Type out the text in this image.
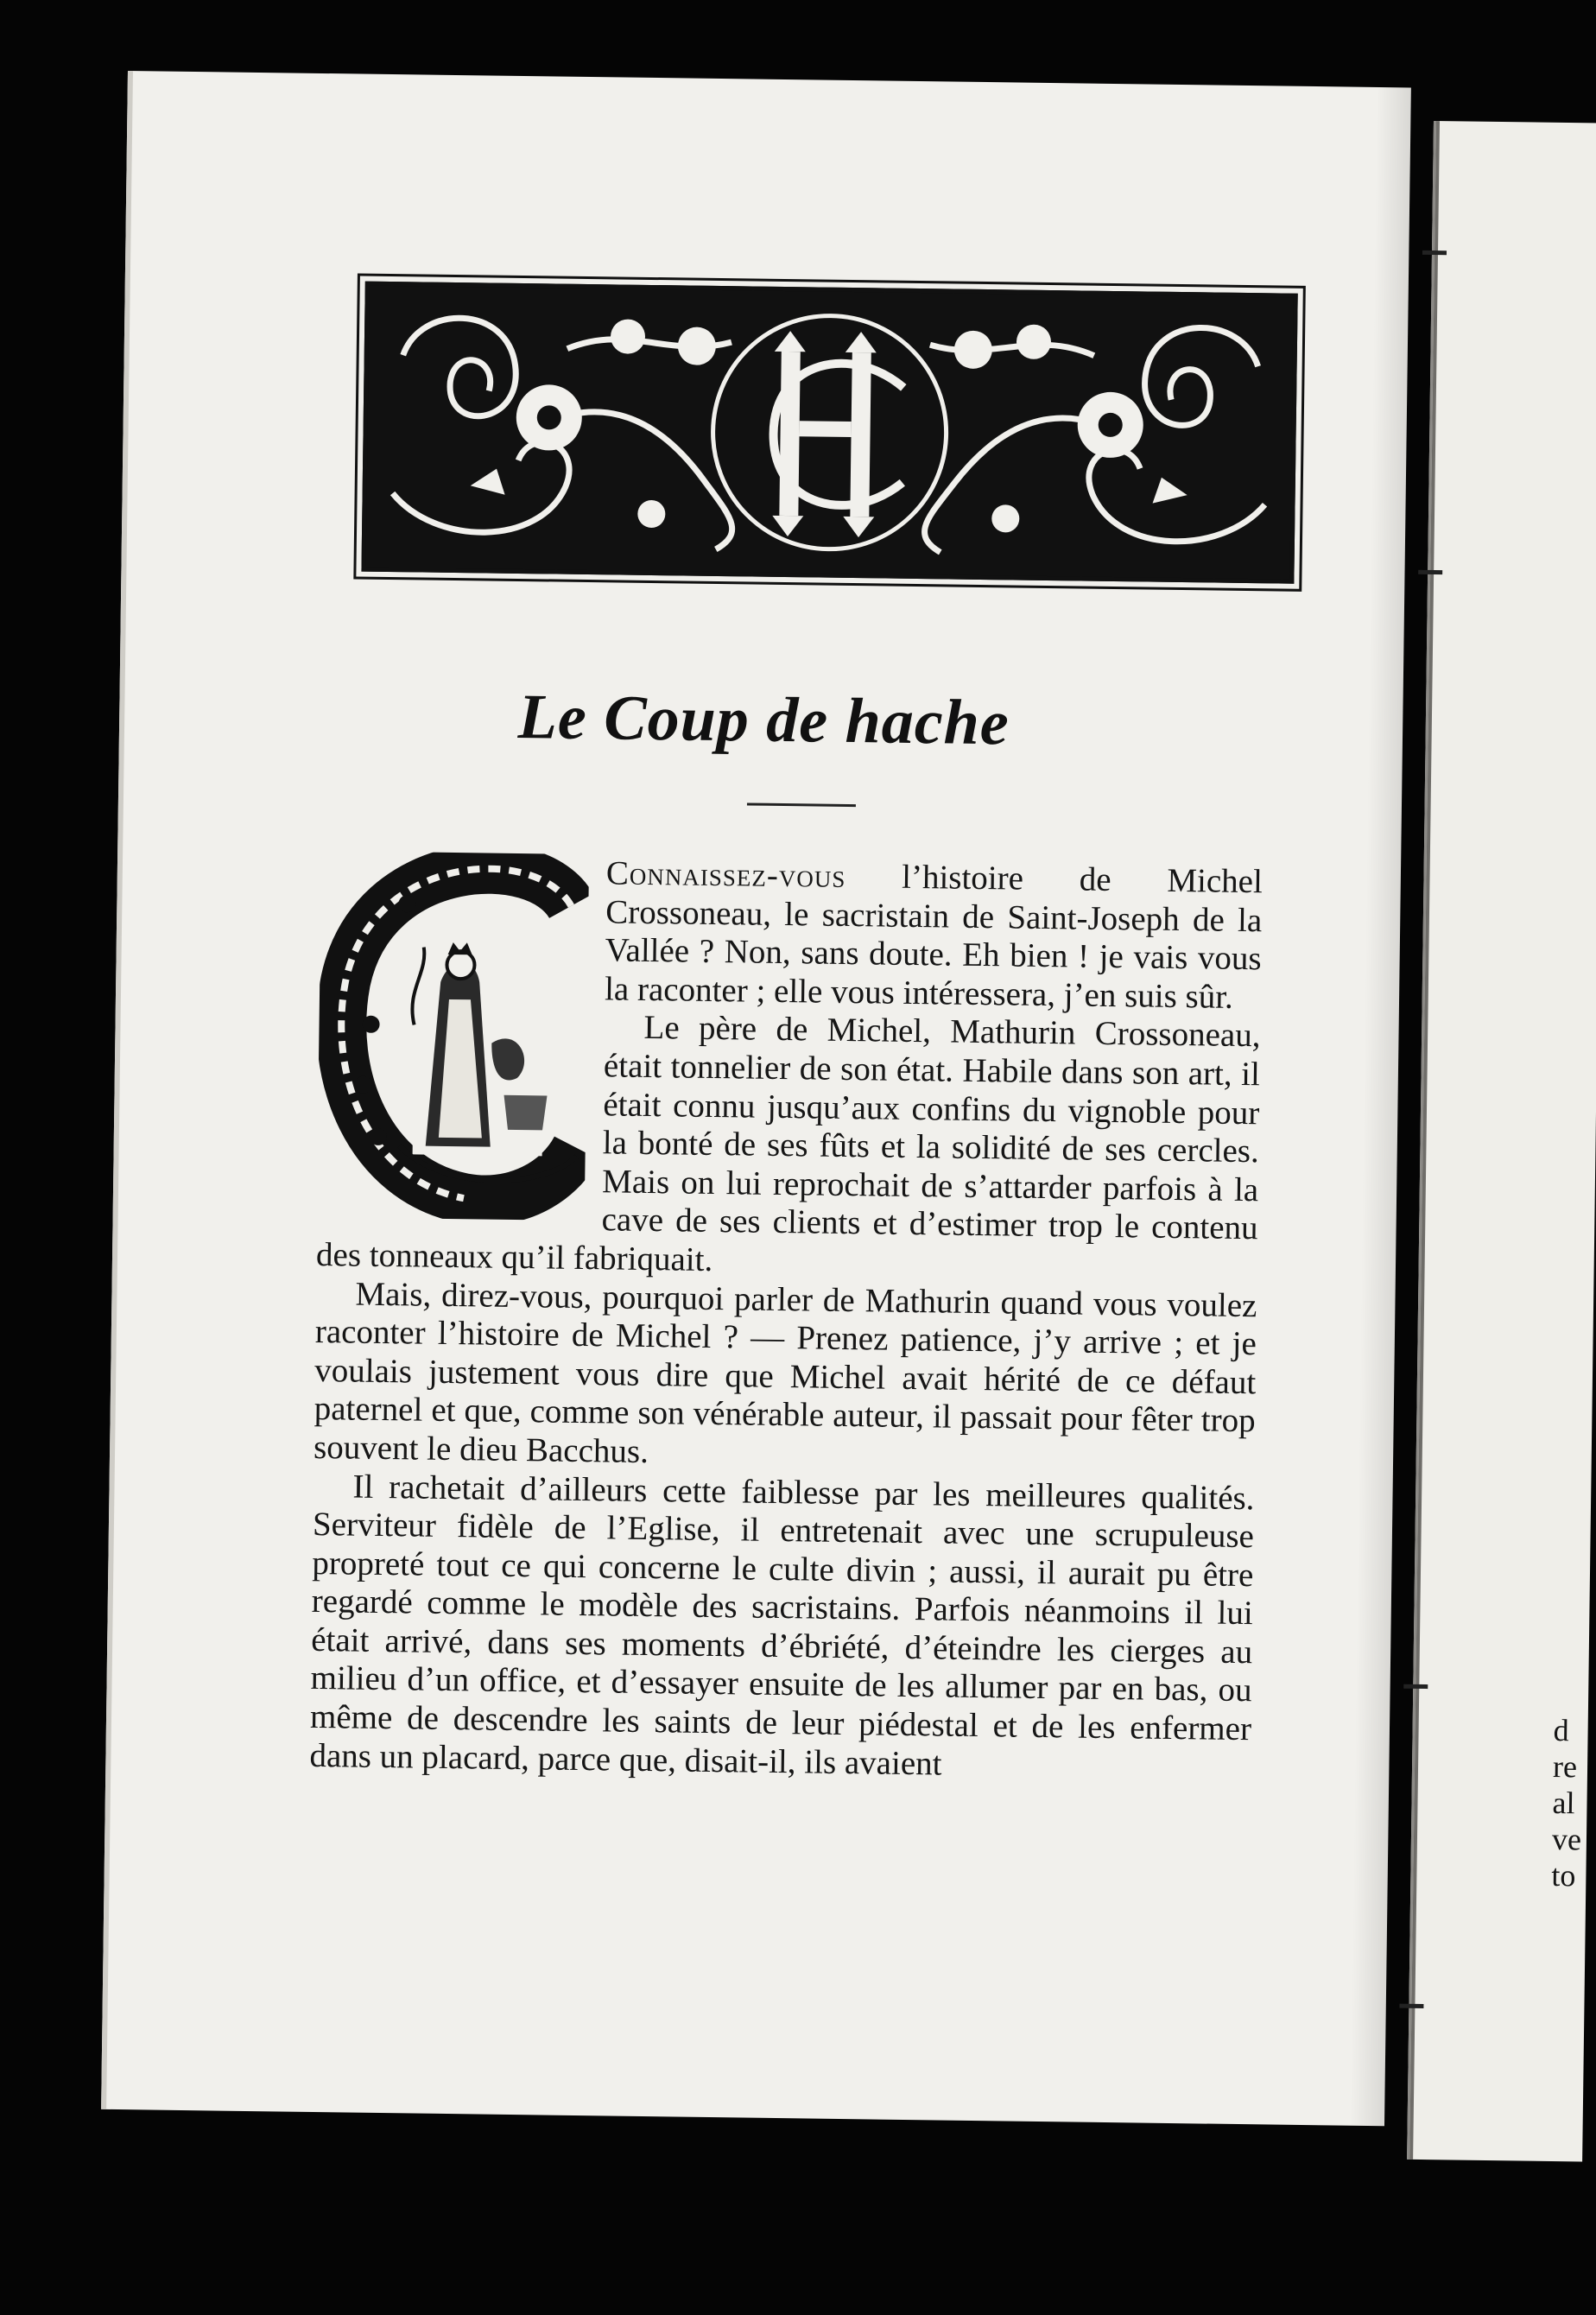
Le Coup de hache

Connaissez-vous l’histoire de Michel Crossoneau, le sacristain de Saint-Joseph de la Vallée ? Non, sans doute. Eh bien ! je vais vous la raconter ; elle vous intéressera, j’en suis sûr.

Le père de Michel, Mathurin Crossoneau, était tonnelier de son état. Habile dans son art, il était connu jusqu’aux confins du vignoble pour la bonté de ses fûts et la solidité de ses cercles. Mais on lui reprochait de s’attarder parfois à la cave de ses clients et d’estimer trop le contenu des tonneaux qu’il fabriquait.

Mais, direz-vous, pourquoi parler de Mathurin quand vous voulez raconter l’histoire de Michel ? — Prenez patience, j’y arrive ; et je voulais justement vous dire que Michel avait hérité de ce défaut paternel et que, comme son vénérable auteur, il passait pour fêter trop souvent le dieu Bacchus.

Il rachetait d’ailleurs cette faiblesse par les meilleures qualités. Serviteur fidèle de l’Eglise, il entretenait avec une scrupuleuse propreté tout ce qui concerne le culte divin ; aussi, il aurait pu être regardé comme le modèle des sacristains. Parfois néanmoins il lui était arrivé, dans ses moments d’ébriété, d’éteindre les cierges au milieu d’un office, et d’essayer ensuite de les allumer par en bas, ou même de descendre les saints de leur piédestal et de les enfermer dans un placard, parce que, disait-il, ils avaient

d
re
al
ve
to
